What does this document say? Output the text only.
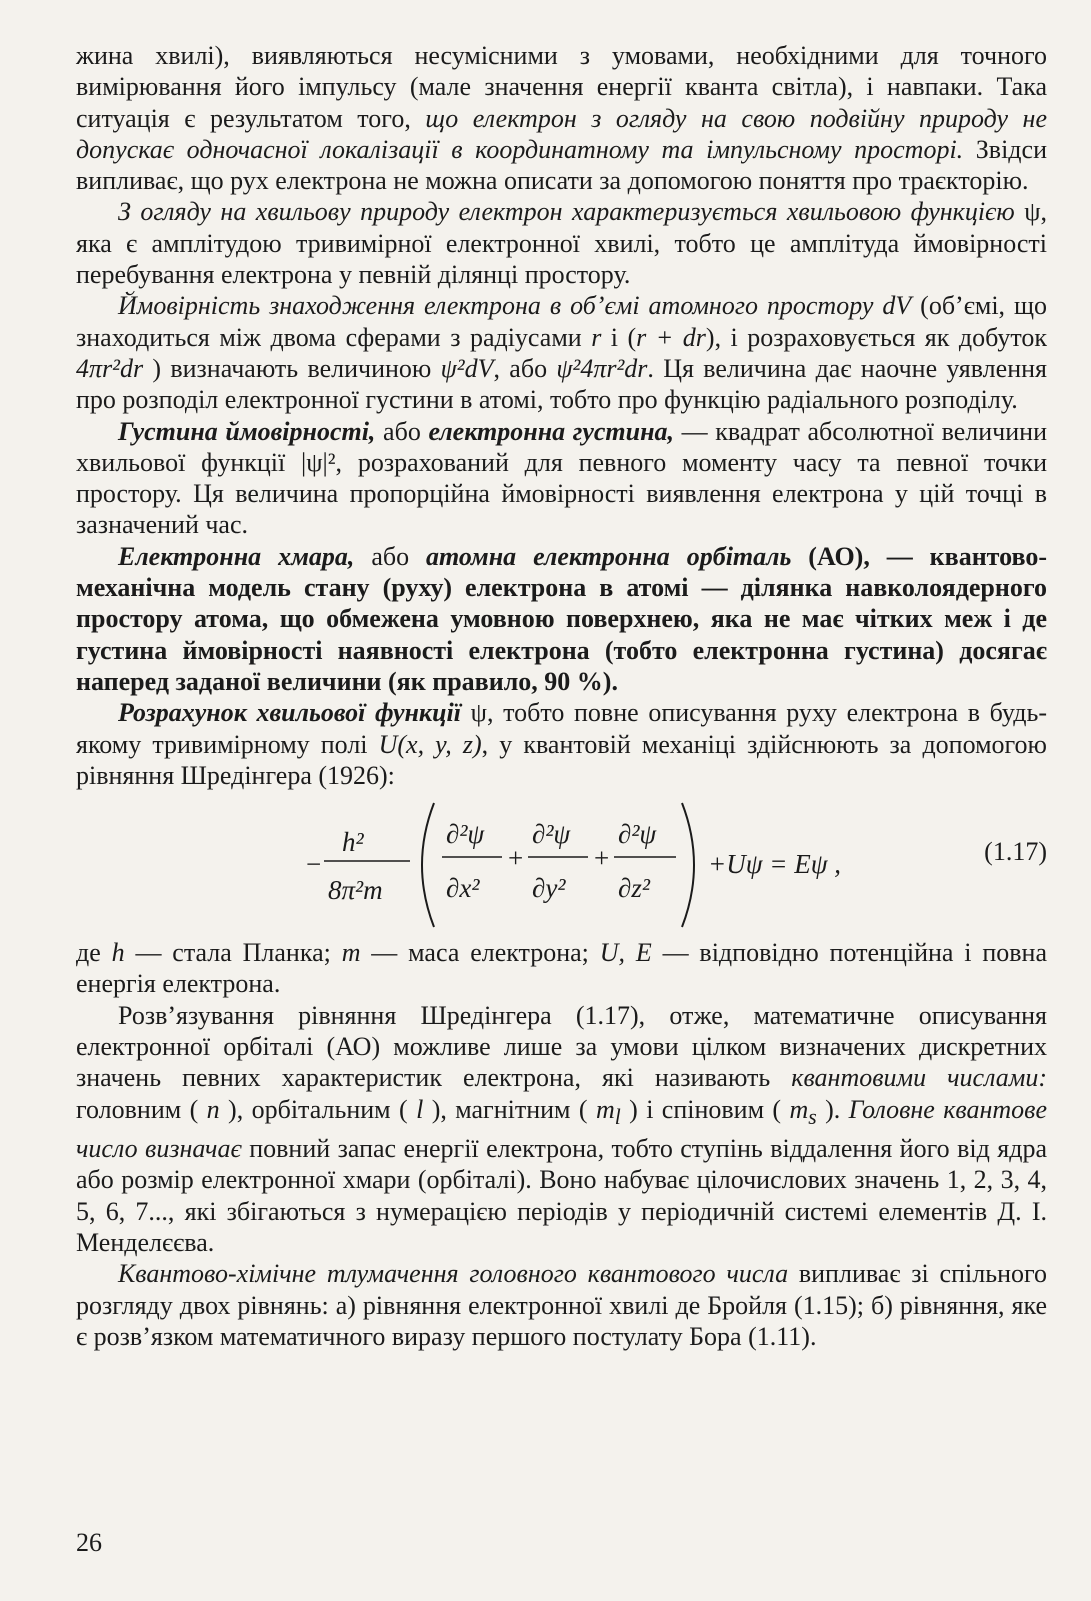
жина хвилі), виявляються несумісними з умовами, необхідними для точного вимірювання його імпульсу (мале значення енергії кванта світла), і навпаки. Така ситуація є результатом того, що електрон з огляду на свою подвійну природу не допускає одночасної локалізації в координатному та імпульсному просторі. Звідси випливає, що рух електрона не можна описати за допомогою поняття про траєкторію.

З огляду на хвильову природу електрон характеризується хвильовою функцією ψ, яка є амплітудою тривимірної електронної хвилі, тобто це амплітуда ймовірності перебування електрона у певній ділянці простору.

Ймовірність знаходження електрона в об’ємі атомного простору dV (об’ємі, що знаходиться між двома сферами з радіусами r і (r + dr), і розраховується як добуток 4πr²dr ) визначають величиною ψ²dV, або ψ²4πr²dr. Ця величина дає наочне уявлення про розподіл електронної густини в атомі, тобто про функцію радіального розподілу.

Густина ймовірності, або електронна густина, — квадрат абсолютної величини хвильової функції |ψ|², розрахований для певного моменту часу та певної точки простору. Ця величина пропорційна ймовірності виявлення електрона у цій точці в зазначений час.

Електронна хмара, або атомна електронна орбіталь (АО), — квантово-механічна модель стану (руху) електрона в атомі — ділянка навколоядерного простору атома, що обмежена умовною поверхнею, яка не має чітких меж і де густина ймовірності наявності електрона (тобто електронна густина) досягає наперед заданої величини (як правило, 90 %).

Розрахунок хвильової функції ψ, тобто повне описування руху електрона в будь-якому тривимірному полі U(x, y, z), у квантовій механіці здійснюють за допомогою рівняння Шредінгера (1926):

−
h²
8π²m
∂²ψ
∂x²
+
∂²ψ
∂y²
+
∂²ψ
∂z²
+Uψ = Eψ ,	(1.17)

де h — стала Планка; m — маса електрона; U, E — відповідно потенційна і повна енергія електрона.

Розв’язування рівняння Шредінгера (1.17), отже, математичне описування електронної орбіталі (АО) можливе лише за умови цілком визначених дискретних значень певних характеристик електрона, які називають квантовими числами: головним ( n ), орбітальним ( l ), магнітним ( $m_l$ ) і спіновим ( $m_s$ ). Головне квантове число визначає повний запас енергії електрона, тобто ступінь віддалення його від ядра або розмір електронної хмари (орбіталі). Воно набуває цілочислових значень 1, 2, 3, 4, 5, 6, 7..., які збігаються з нумерацією періодів у періодичній системі елементів Д. І. Менделєєва.

Квантово-хімічне тлумачення головного квантового числа випливає зі спільного розгляду двох рівнянь: а) рівняння електронної хвилі де Бройля (1.15); б) рівняння, яке є розв’язком математичного виразу першого постулату Бора (1.11).

26
